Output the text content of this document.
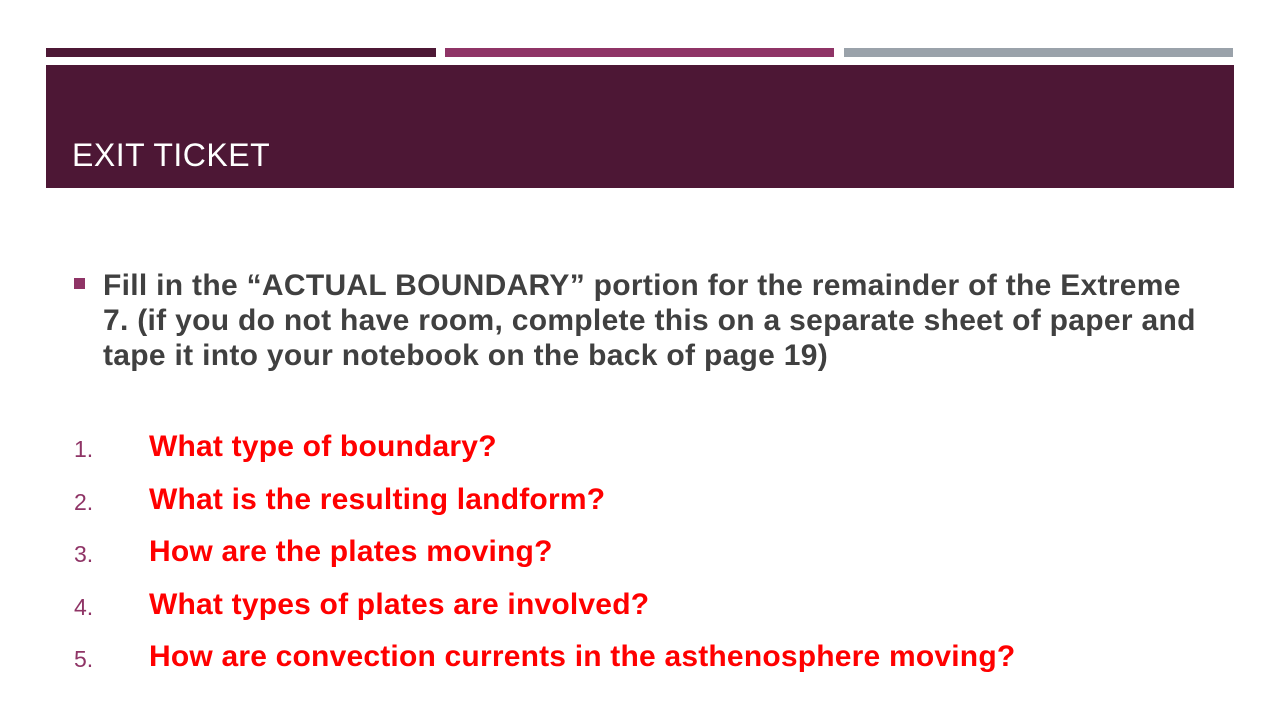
EXIT TICKET
Fill in the “ACTUAL BOUNDARY” portion for the remainder of the Extreme 7. (if you do not have room, complete this on a separate sheet of paper and tape it into your notebook on the back of page 19)
1. What type of boundary?
2. What is the resulting landform?
3. How are the plates moving?
4. What types of plates are involved?
5. How are convection currents in the asthenosphere moving?
